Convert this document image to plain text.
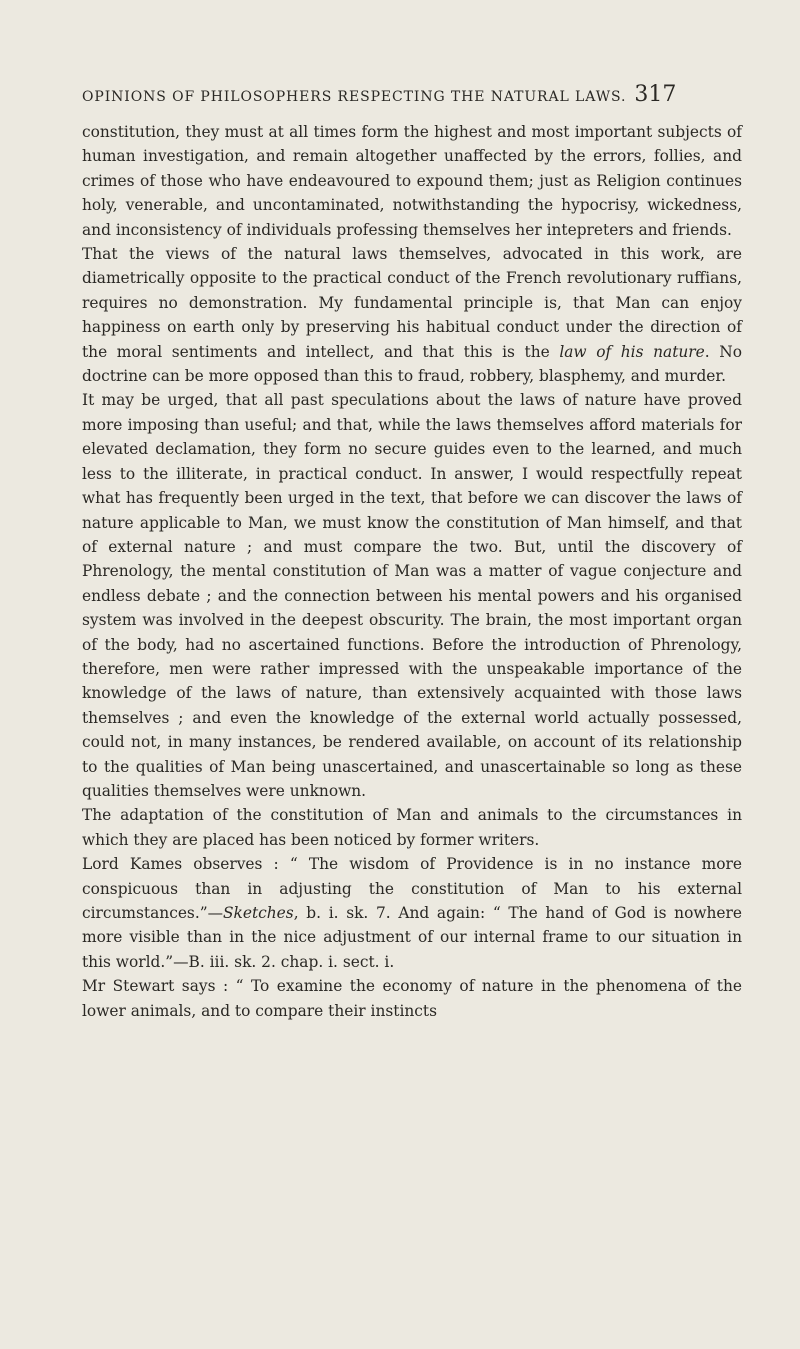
OPINIONS OF PHILOSOPHERS RESPECTING THE NATURAL LAWS. 317

constitution, they must at all times form the highest and most important subjects of human investigation, and remain altogether unaffected by the errors, follies, and crimes of those who have endeavoured to expound them; just as Religion continues holy, venerable, and uncontaminated, notwithstanding the hypocrisy, wickedness, and inconsistency of individuals professing themselves her intepreters and friends.

That the views of the natural laws themselves, advocated in this work, are diametrically opposite to the practical conduct of the French revolutionary ruffians, requires no demonstration. My fundamental principle is, that Man can enjoy happiness on earth only by preserving his habitual conduct under the direction of the moral sentiments and intellect, and that this is the law of his nature. No doctrine can be more opposed than this to fraud, robbery, blasphemy, and murder.

It may be urged, that all past speculations about the laws of nature have proved more imposing than useful; and that, while the laws themselves afford materials for elevated declamation, they form no secure guides even to the learned, and much less to the illiterate, in practical conduct. In answer, I would respectfully repeat what has frequently been urged in the text, that before we can discover the laws of nature applicable to Man, we must know the constitution of Man himself, and that of external nature ; and must compare the two. But, until the discovery of Phrenology, the mental constitution of Man was a matter of vague conjecture and endless debate ; and the connection between his mental powers and his organised system was involved in the deepest obscurity. The brain, the most important organ of the body, had no ascertained functions. Before the introduction of Phrenology, therefore, men were rather impressed with the unspeakable importance of the knowledge of the laws of nature, than extensively acquainted with those laws themselves ; and even the knowledge of the external world actually possessed, could not, in many instances, be rendered available, on account of its relationship to the qualities of Man being unascertained, and unascertainable so long as these qualities themselves were unknown.

The adaptation of the constitution of Man and animals to the circumstances in which they are placed has been noticed by former writers.

Lord Kames observes : “ The wisdom of Providence is in no instance more conspicuous than in adjusting the constitution of Man to his external circumstances.”—Sketches, b. i. sk. 7. And again: “ The hand of God is nowhere more visible than in the nice adjustment of our internal frame to our situation in this world.”—B. iii. sk. 2. chap. i. sect. i.

Mr Stewart says : “ To examine the economy of nature in the phenomena of the lower animals, and to compare their instincts
